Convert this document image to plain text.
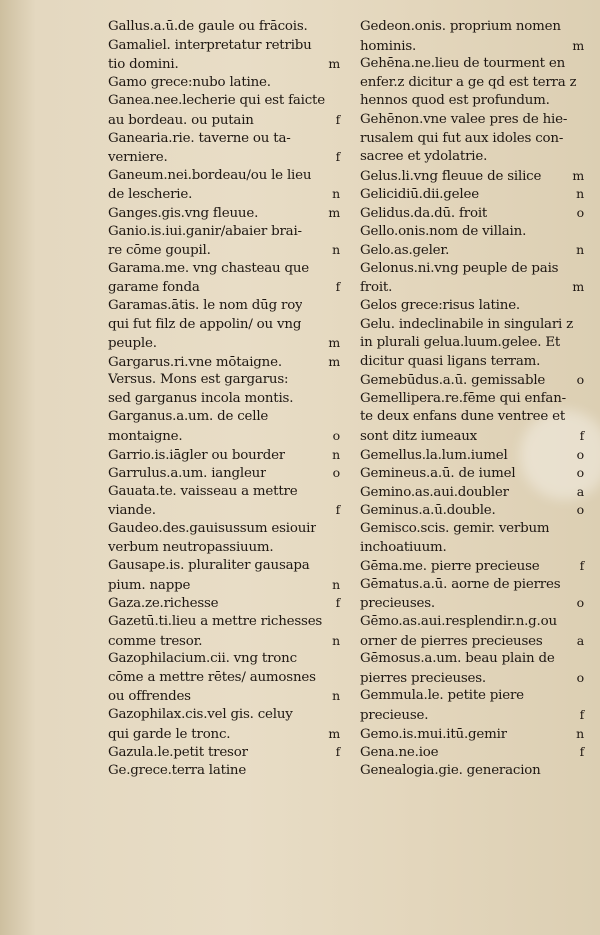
Gallus.a.ū.de gaule ou frācois.
Gamaliel. interpretatur retribu
tio domini.	m
Gamo grece:nubo latine.
Ganea.nee.lecherie qui est faicte
au bordeau. ou putain	f
Ganearia.rie. taverne ou ta-
verniere.	f
Ganeum.nei.bordeau/ou le lieu
de lescherie.	n
Ganges.gis.vng fleuue.	m
Ganio.is.iui.ganir/abaier brai-
re cōme goupil.	n
Garama.me. vng chasteau que
garame fonda	f
Garamas.ātis. le nom dūg roy
qui fut filz de appolin/ ou vng
peuple.	m
Gargarus.ri.vne mōtaigne.	m
Versus. Mons est gargarus:
sed garganus incola montis.
Garganus.a.um. de celle
montaigne.	o
Garrio.is.iāgler ou bourder	n
Garrulus.a.um. iangleur	o
Gauata.te. vaisseau a mettre
viande.	f
Gaudeo.des.gauisussum esiouir
verbum neutropassiuum.
Gausape.is. pluraliter gausapa
pium. nappe	n
Gaza.ze.richesse	f
Gazetū.ti.lieu a mettre richesses
comme tresor.	n
Gazophilacium.cii. vng tronc
cōme a mettre rētes/ aumosnes
ou offrendes	n
Gazophilax.cis.vel gis. celuy
qui garde le tronc.	m
Gazula.le.petit tresor	f
Ge.grece.terra latine
Gedeon.onis. proprium nomen
hominis.	m
Gehēna.ne.lieu de tourment en
enfer.z dicitur a ge qd est terra z
hennos quod est profundum.
Gehēnon.vne valee pres de hie-
rusalem qui fut aux idoles con-
sacree et ydolatrie.
Gelus.li.vng fleuue de silice	m
Gelicidiū.dii.gelee	n
Gelidus.da.dū. froit	o
Gello.onis.nom de villain.
Gelo.as.geler.	n
Gelonus.ni.vng peuple de pais
froit.	m
Gelos grece:risus latine.
Gelu. indeclinabile in singulari z
in plurali gelua.luum.gelee. Et
dicitur quasi ligans terram.
Gemebūdus.a.ū. gemissable	o
Gemellipera.re.fēme qui enfan-
te deux enfans dune ventree et
sont ditz iumeaux	f
Gemellus.la.lum.iumel	o
Gemineus.a.ū. de iumel	o
Gemino.as.aui.doubler	a
Geminus.a.ū.double.	o
Gemisco.scis. gemir. verbum
inchoatiuum.
Gēma.me. pierre precieuse	f
Gēmatus.a.ū. aorne de pierres
precieuses.	o
Gēmo.as.aui.resplendir.n.g.ou
orner de pierres precieuses	a
Gēmosus.a.um. beau plain de
pierres precieuses.	o
Gemmula.le. petite piere
precieuse.	f
Gemo.is.mui.itū.gemir	n
Gena.ne.ioe	f
Genealogia.gie. generacion
